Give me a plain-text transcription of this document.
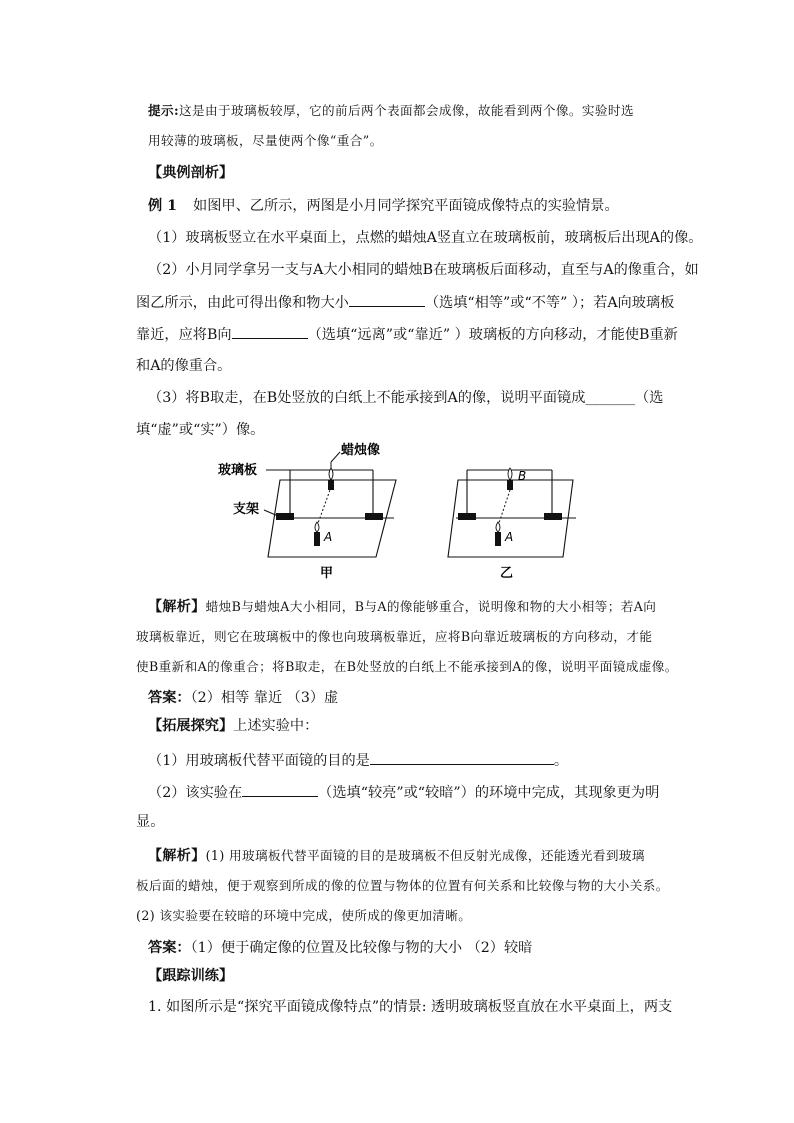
提示:这是由于玻璃板较厚，它的前后两个表面都会成像，故能看到两个像。实验时选
用较薄的玻璃板，尽量使两个像“重合”。
【典例剖析】
例 1 如图甲、乙所示，两图是小月同学探究平面镜成像特点的实验情景。
（1）玻璃板竖立在水平桌面上，点燃的蜡烛A竖直立在玻璃板前，玻璃板后出现A的像。
（2）小月同学拿另一支与A大小相同的蜡烛B在玻璃板后面移动，直至与A的像重合，如
图乙所示，由此可得出像和物大小	（选填“相等”或“不等” ）；若A向玻璃板
靠近，应将B向	（选填“远离”或“靠近” ）玻璃板的方向移动，才能使B重新
和A的像重合。
（3）将B取走，在B处竖放的白纸上不能承接到A的像，说明平面镜成_______（选
填“虚”或“实”）像。
玻璃板
蜡烛像
支架
A
甲
B
A
乙
【解析】蜡烛B与蜡烛A大小相同，B与A的像能够重合，说明像和物的大小相等；若A向
玻璃板靠近，则它在玻璃板中的像也向玻璃板靠近，应将B向靠近玻璃板的方向移动，才能
使B重新和A的像重合；将B取走，在B处竖放的白纸上不能承接到A的像，说明平面镜成虚像。
答案：（2）相等 靠近 （3）虚
【拓展探究】上述实验中：
（1）用玻璃板代替平面镜的目的是	。
（2）该实验在	（选填“较亮”或“较暗”）的环境中完成，其现象更为明
显。
【解析】(1) 用玻璃板代替平面镜的目的是玻璃板不但反射光成像，还能透光看到玻璃
板后面的蜡烛，便于观察到所成的像的位置与物体的位置有何关系和比较像与物的大小关系。
(2) 该实验要在较暗的环境中完成，使所成的像更加清晰。
答案：（1）便于确定像的位置及比较像与物的大小 （2）较暗
【跟踪训练】
1. 如图所示是“探究平面镜成像特点”的情景: 透明玻璃板竖直放在水平桌面上，两支
